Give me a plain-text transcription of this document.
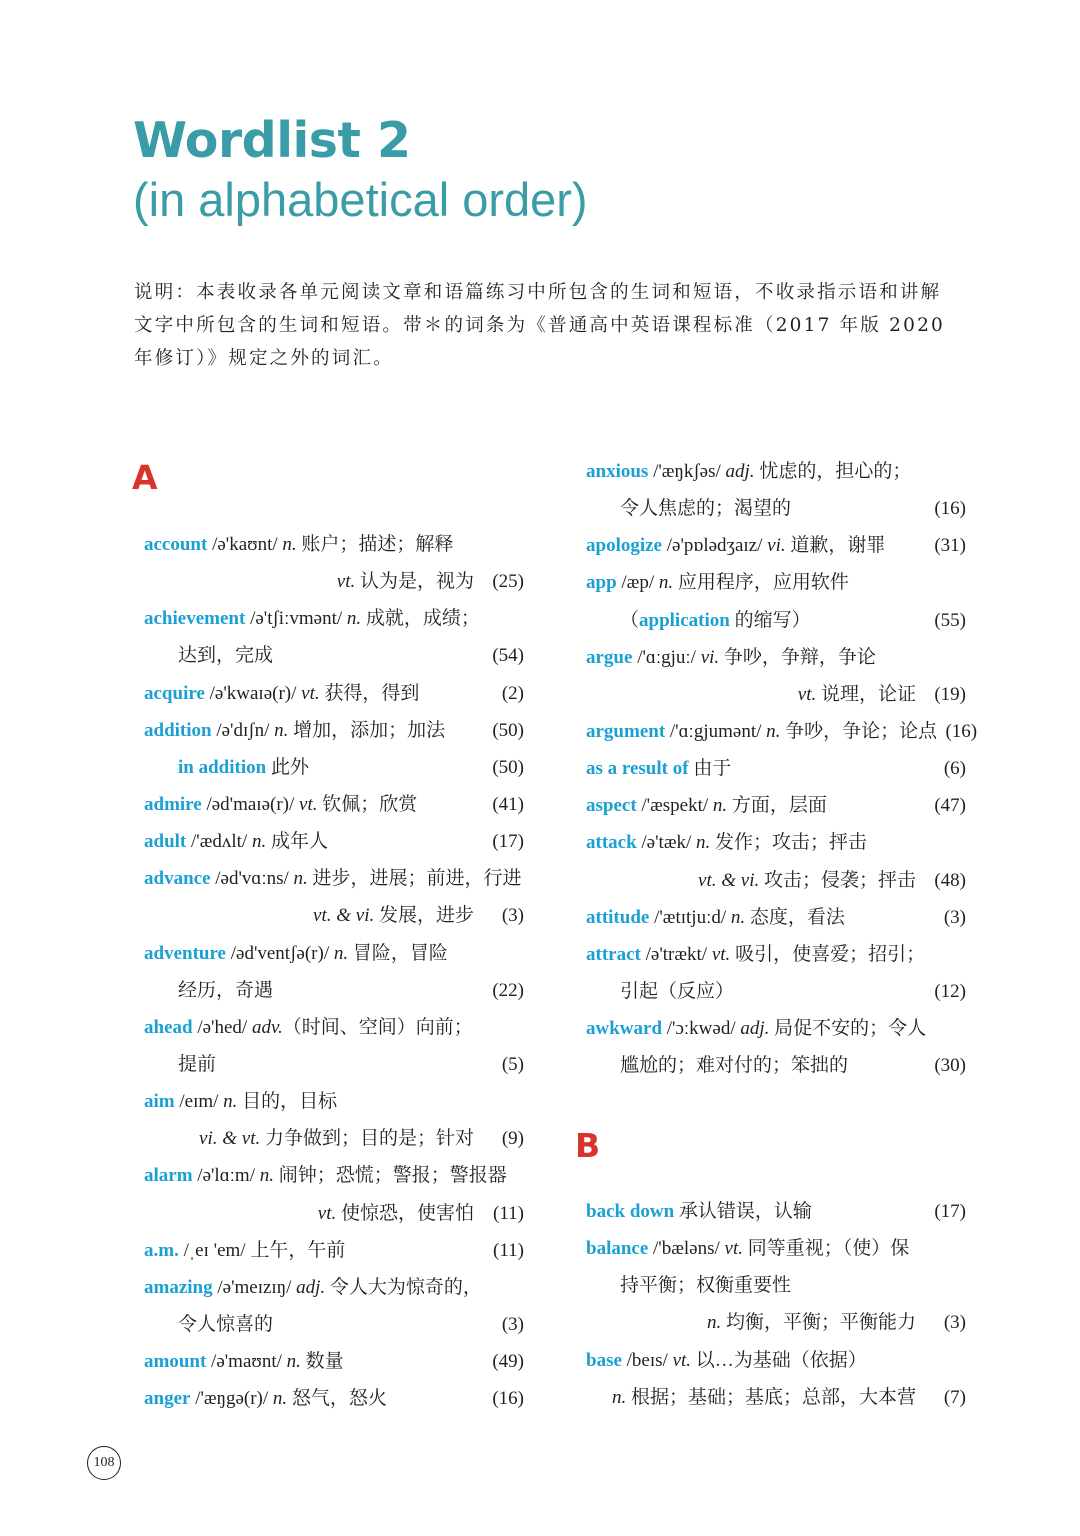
Wordlist 2
(in alphabetical order)

说明：本表收录各单元阅读文章和语篇练习中所包含的生词和短语，不收录指示语和讲解文字中所包含的生词和短语。带＊的词条为《普通高中英语课程标准（2017 年版 2020 年修订）》规定之外的词汇。

A
B
account /ə'kaʊnt/ n. 账户；描述；解释
vt. 认为是，视为 (25)
achievement /ə'tʃiːvmənt/ n. 成就，成绩；
达到，完成	(54)
acquire /ə'kwaɪə(r)/ vt. 获得，得到	(2)
addition /ə'dɪʃn/ n. 增加，添加；加法	(50)
in addition 此外	(50)
admire /əd'maɪə(r)/ vt. 钦佩；欣赏	(41)
adult /'ædʌlt/ n. 成年人	(17)
advance /əd'vɑːns/ n. 进步，进展；前进，行进
vt. & vi. 发展，进步	(3)
adventure /əd'ventʃə(r)/ n. 冒险，冒险
经历，奇遇	(22)
ahead /ə'hed/ adv.（时间、空间）向前；
提前	(5)
aim /eɪm/ n. 目的，目标
vi. & vt. 力争做到；目的是；针对	(9)
alarm /ə'lɑːm/ n. 闹钟；恐慌；警报；警报器
vt. 使惊恐，使害怕	(11)
a.m. /ˌeɪ 'em/ 上午，午前	(11)
amazing /ə'meɪzɪŋ/ adj. 令人大为惊奇的，
令人惊喜的	(3)
amount /ə'maʊnt/ n. 数量	(49)
anger /'æŋgə(r)/ n. 怒气，怒火	(16)
anxious /'æŋkʃəs/ adj. 忧虑的，担心的；
令人焦虑的；渴望的	(16)
apologize /ə'pɒlədʒaɪz/ vi. 道歉，谢罪	(31)
app /æp/ n. 应用程序，应用软件
（application 的缩写）	(55)
argue /'ɑːgjuː/ vi. 争吵，争辩，争论
vt. 说理，论证 (19)
argument /'ɑːgjumənt/ n. 争吵，争论；论点 (16)
as a result of 由于	(6)
aspect /'æspekt/ n. 方面，层面	(47)
attack /ə'tæk/ n. 发作；攻击；抨击
vt. & vi. 攻击；侵袭；抨击 (48)
attitude /'ætɪtjuːd/ n. 态度，看法	(3)
attract /ə'trækt/ vt. 吸引，使喜爱；招引；
引起（反应）	(12)
awkward /'ɔːkwəd/ adj. 局促不安的；令人
尴尬的；难对付的；笨拙的	(30)
back down 承认错误，认输	(17)
balance /'bæləns/ vt. 同等重视；（使）保
持平衡；权衡重要性
n. 均衡，平衡；平衡能力	(3)
base /beɪs/ vt. 以…为基础（依据）
n. 根据；基础；基底；总部，大本营	(7)
108
